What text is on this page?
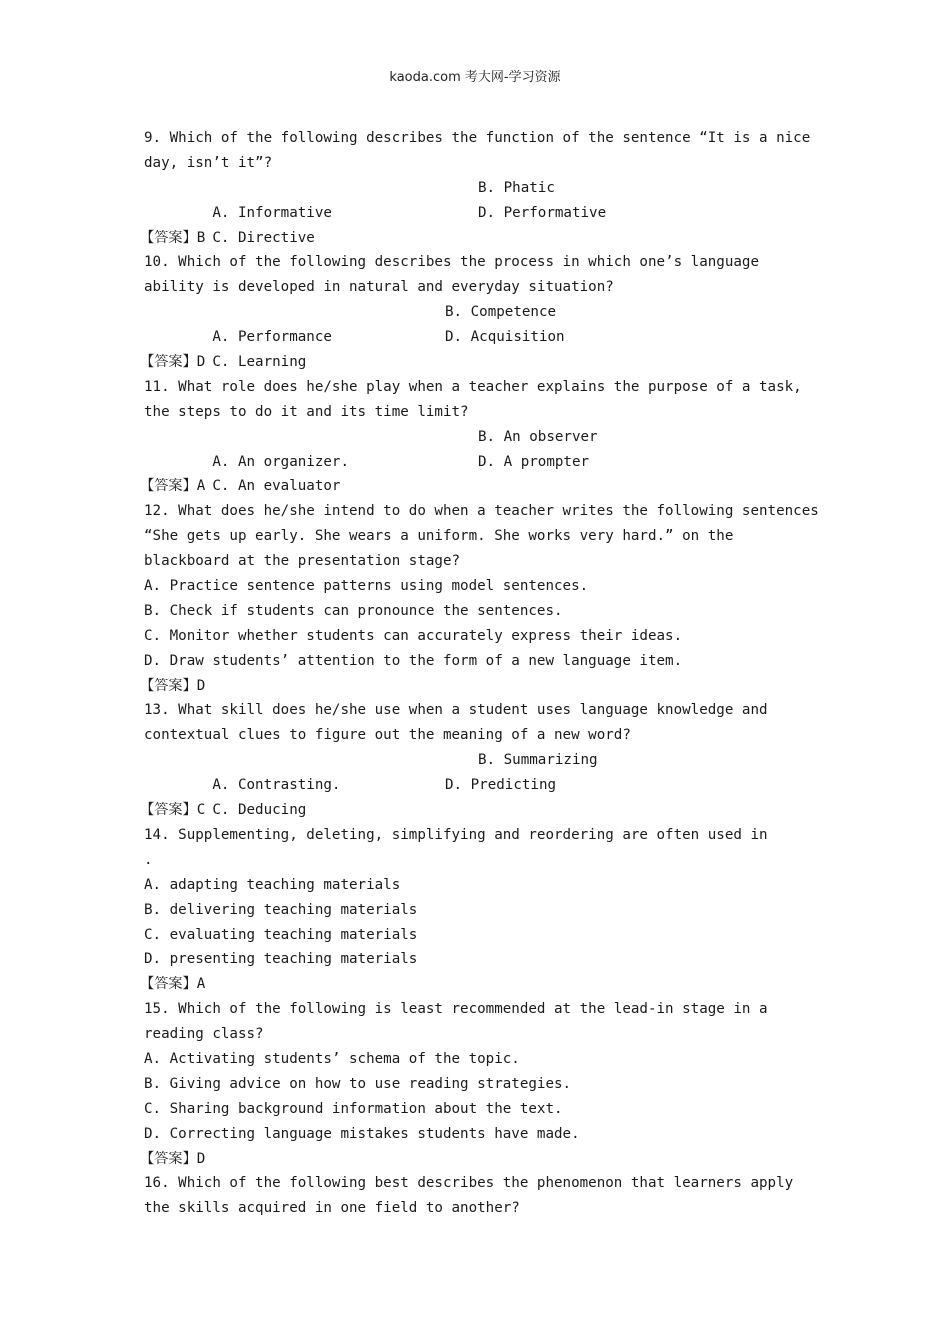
kaoda.com 考大网-学习资源
9. Which of the following describes the function of the sentence “It is a nice
day, isn’t it”?

A. Informative

B. Phatic

C. Directive

D. Performative

【答案】B
10. Which of the following describes the process in which one’s language
ability is developed in natural and everyday situation?

A. Performance

B. Competence

C. Learning

D. Acquisition

【答案】D
11. What role does he/she play when a teacher explains the purpose of a task,
the steps to do it and its time limit?

A. An organizer.

B. An observer

C. An evaluator

D. A prompter

【答案】A
12. What does he/she intend to do when a teacher writes the following sentences
“She gets up early. She wears a uniform. She works very hard.” on the
blackboard at the presentation stage?
A. Practice sentence patterns using model sentences.
B. Check if students can pronounce the sentences.
C. Monitor whether students can accurately express their ideas.
D. Draw students’ attention to the form of a new language item.
【答案】D
13. What skill does he/she use when a student uses language knowledge and
contextual clues to figure out the meaning of a new word?

A. Contrasting.

B. Summarizing

C. Deducing

D. Predicting

【答案】C
14. Supplementing, deleting, simplifying and reordering are often used in
.
A. adapting teaching materials
B. delivering teaching materials
C. evaluating teaching materials
D. presenting teaching materials
【答案】A
15. Which of the following is least recommended at the lead-in stage in a
reading class?
A. Activating students’ schema of the topic.
B. Giving advice on how to use reading strategies.
C. Sharing background information about the text.
D. Correcting language mistakes students have made.
【答案】D
16. Which of the following best describes the phenomenon that learners apply
the skills acquired in one field to another?
